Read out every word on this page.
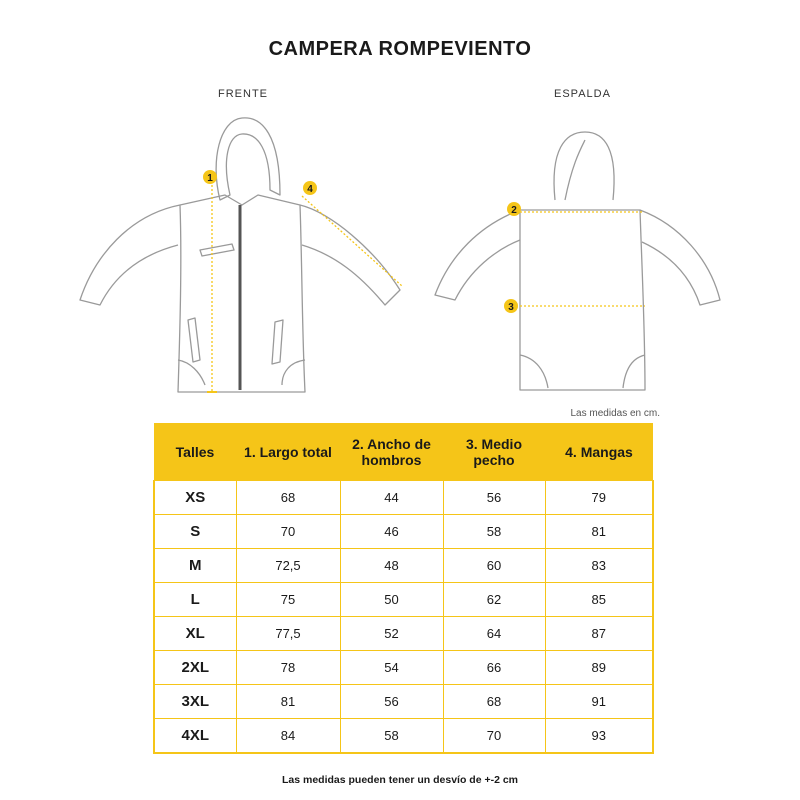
CAMPERA ROMPEVIENTO
FRENTE	ESPALDA
1
4
2
3
Las medidas en cm.
Talles	1. Largo total	2. Ancho de hombros	3. Medio pecho	4. Mangas
XS	68	44	56	79
S	70	46	58	81
M	72,5	48	60	83
L	75	50	62	85
XL	77,5	52	64	87
2XL	78	54	66	89
3XL	81	56	68	91
4XL	84	58	70	93
Las medidas pueden tener un desvío de +-2 cm
